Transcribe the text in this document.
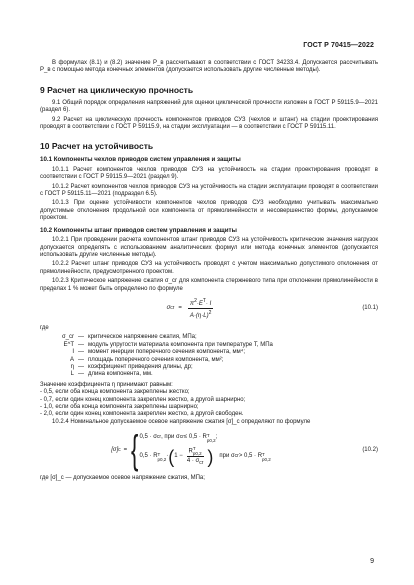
ГОСТ Р 70415—2022

В формулах (8.1) и (8.2) значение P_в рассчитывают в соответствии с ГОСТ 34233.4. Допускается рассчитывать P_в с помощью метода конечных элементов (допускается использовать другие численные методы).

9 Расчет на циклическую прочность

9.1 Общий порядок определения напряжений для оценки циклической прочности изложен в ГОСТ Р 59115.9—2021 (раздел 6).

9.2 Расчет на циклическую прочность компонентов приводов СУЗ (чехлов и штанг) на стадии проектирования проводят в соответствии с ГОСТ Р 59115.9, на стадии эксплуатации — в соответствии с ГОСТ Р 59115.11.

10 Расчет на устойчивость
10.1 Компоненты чехлов приводов систем управления и защиты

10.1.1 Расчет компонентов чехлов приводов СУЗ на устойчивость на стадии проектирования проводят в соответствии с ГОСТ Р 59115.9—2021 (раздел 9).

10.1.2 Расчет компонентов чехлов приводов СУЗ на устойчивость на стадии эксплуатации проводят в соответствии с ГОСТ Р 59115.11—2021 (подраздел 6.5).

10.1.3 При оценке устойчивости компонентов чехлов приводов СУЗ необходимо учитывать максимально допустимые отклонения продольной оси компонента от прямолинейности и несовершенство формы, допускаемое проектом.

10.2 Компоненты штанг приводов систем управления и защиты

10.2.1 При проведении расчета компонентов штанг приводов СУЗ на устойчивость критические значения нагрузок допускается определять с использованием аналитических формул или метода конечных элементов (допускается использовать другие численные методы).

10.2.2 Расчет штанг приводов СУЗ на устойчивость проводят с учетом максимально допустимого отклонения от прямолинейности, предусмотренного проектом.

10.2.3 Критическое напряжение сжатия σ_cr для компонента стержневого типа при отклонении прямолинейности в пределах 1 % может быть определено по формуле

σ cr = $\frac{\pi^2\cdot E^T\cdot I}{A\cdot(\eta\cdot L)^2}$	(10.1)
где
σ_cr — критическое напряжение сжатия, МПа;
E^T — модуль упругости материала компонента при температуре T, МПа
I — момент инерции поперечного сечения компонента, мм⁴;
A — площадь поперечного сечения компонента, мм²;
η — коэффициент приведения длины, др;
L — длина компонента, мм.

Значение коэффициента η принимают равным:

- 0,5, если оба конца компонента закреплены жестко;

- 0,7, если один конец компонента закреплен жестко, а другой шарнирно;

- 1,0, если оба конца компонента закреплены шарнирно;

- 2,0, если один конец компонента закреплен жестко, а другой свободен.

10.2.4 Номинальное допускаемое осевое напряжение сжатия [σ]_c определяют по формуле

[σ] c = { 0,5 · σ cr , при σ cr ≤ 0,5 · R T
p0,2
;
0,5 · R T
p0,2
· ( 1 − R
T
p0,2
$4 \cdot \sigma_{cr}$ ) при σ cr > 0,5 · R T
p0,2
(10.2)

где [σ]_c — допускаемое осевое напряжение сжатия, МПа;

9
